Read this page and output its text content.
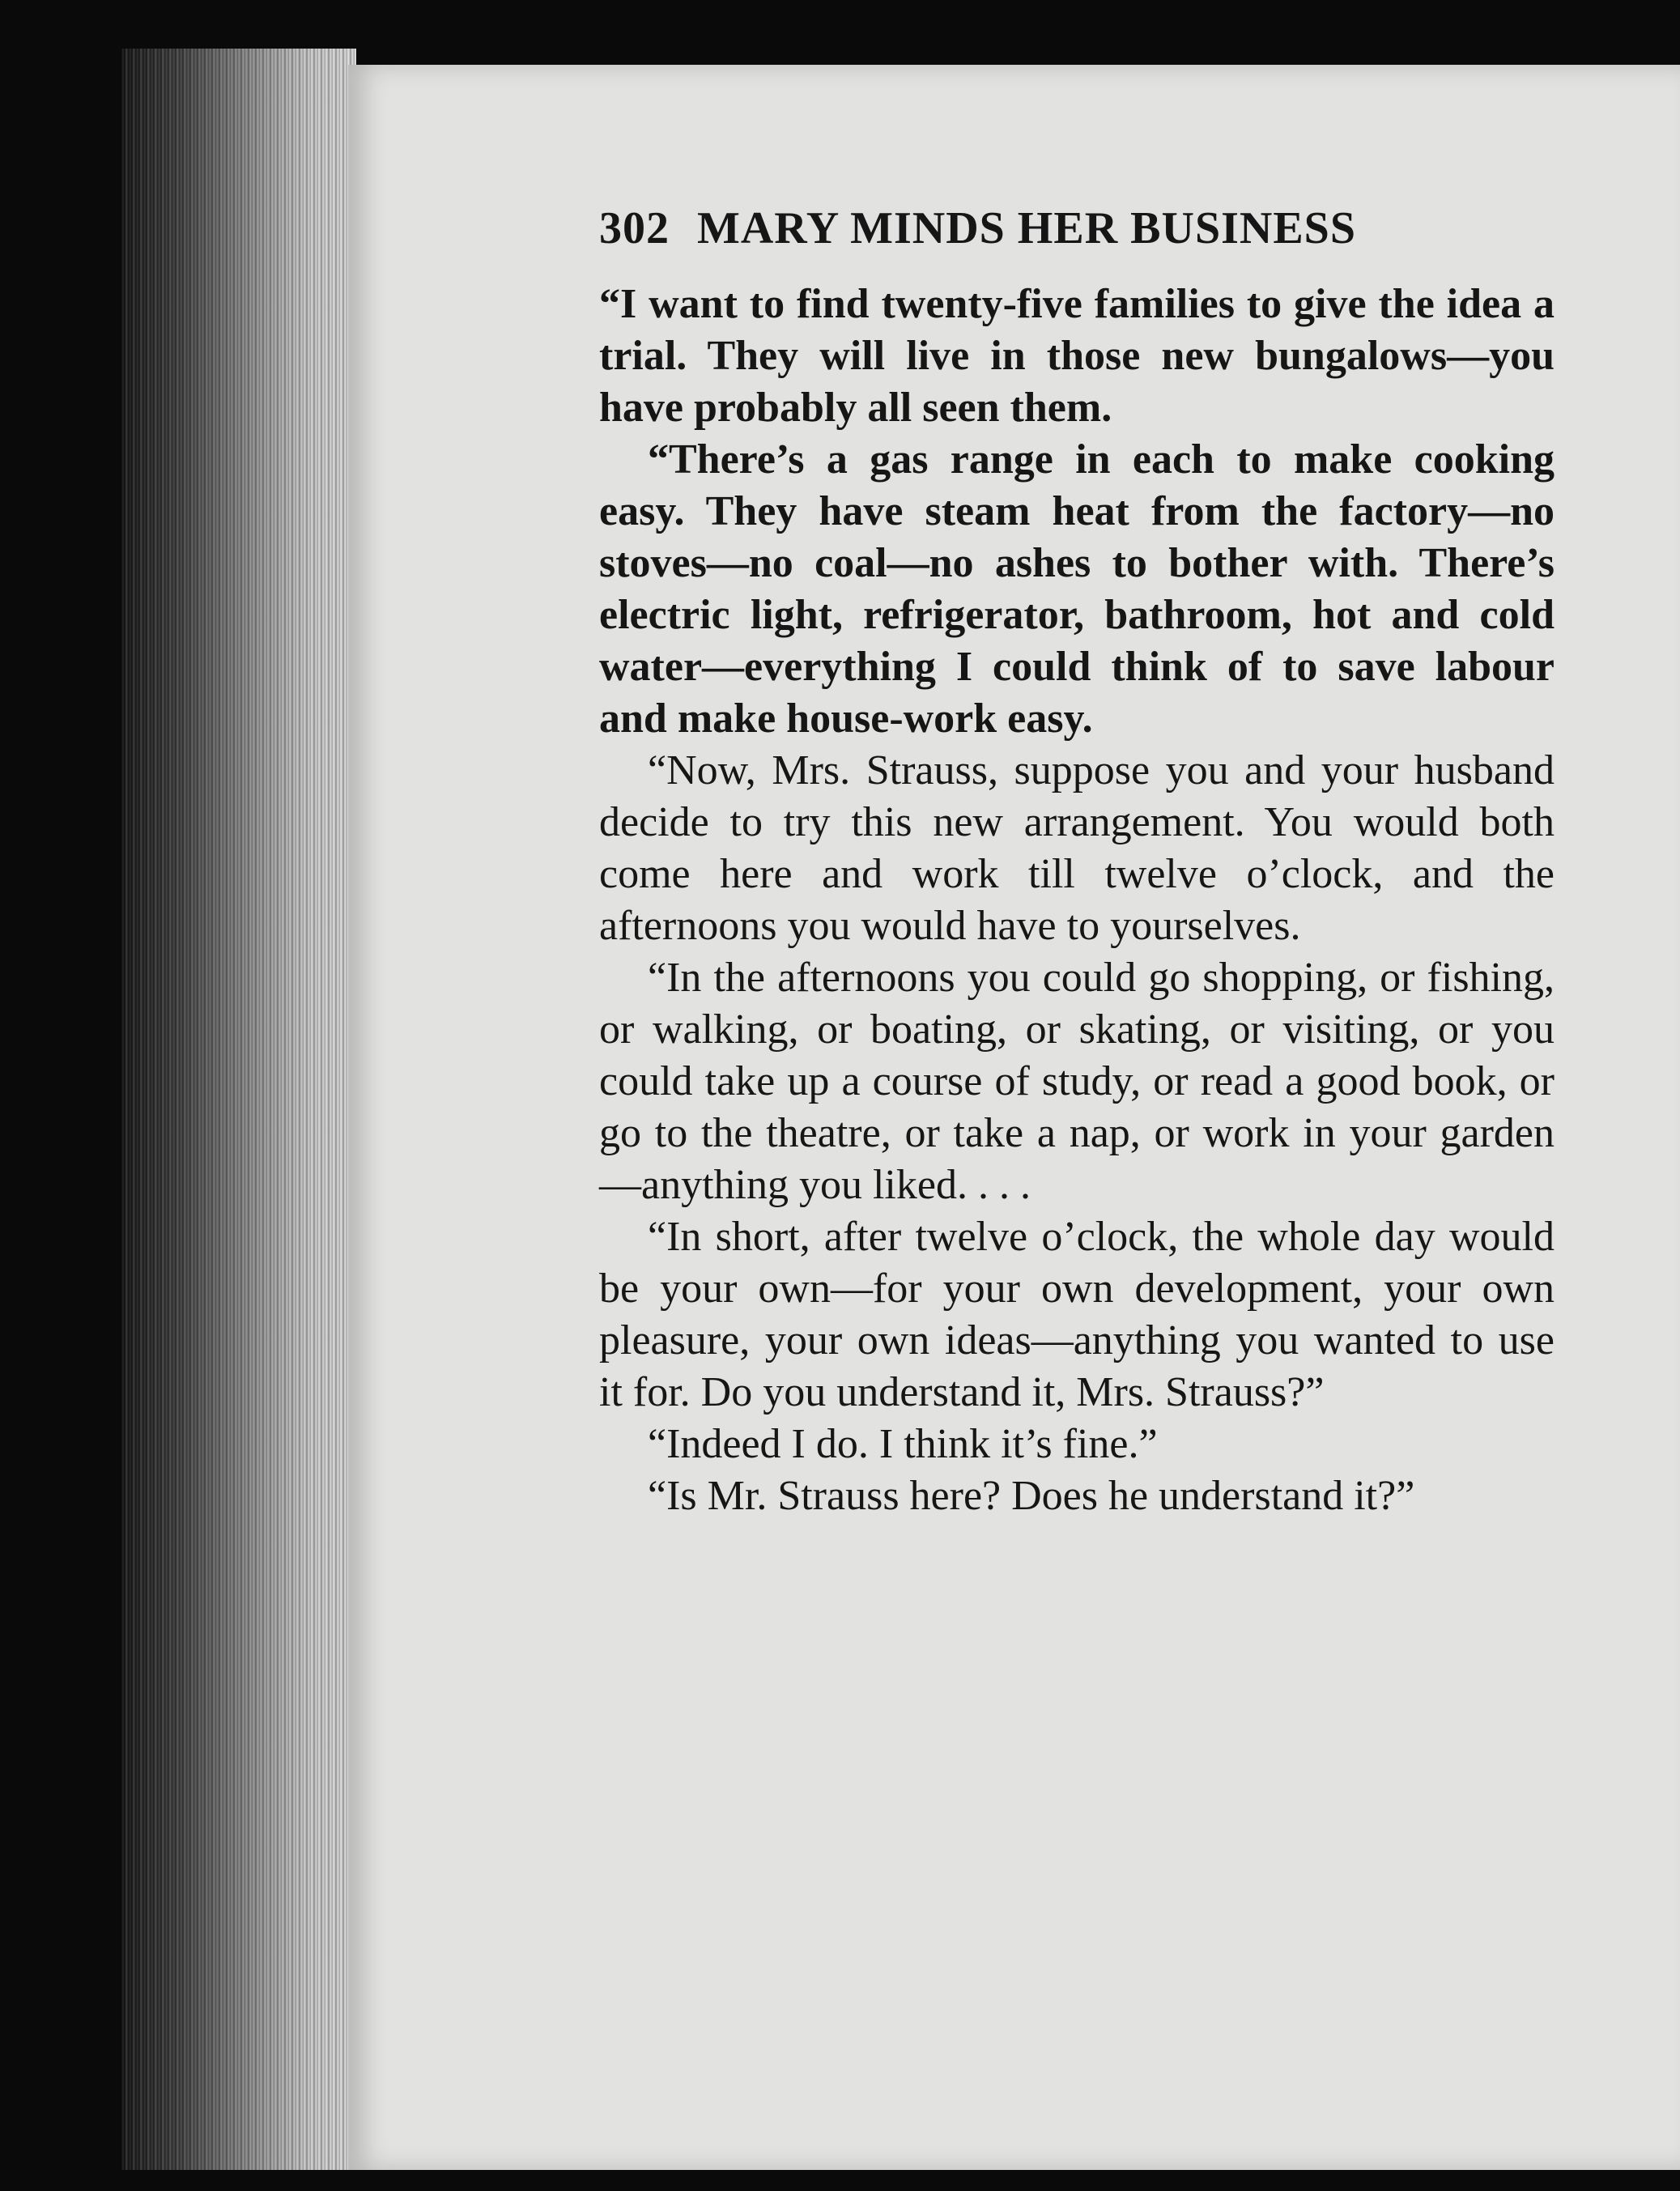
302 MARY MINDS HER BUSINESS

“I want to find twenty-five families to give the idea a trial. They will live in those new bungalows—you have probably all seen them.

“There’s a gas range in each to make cooking easy. They have steam heat from the factory—no stoves—no coal—no ashes to bother with. There’s electric light, refrigerator, bathroom, hot and cold water—everything I could think of to save labour and make house-work easy.

“Now, Mrs. Strauss, suppose you and your husband decide to try this new arrangement. You would both come here and work till twelve o’clock, and the afternoons you would have to yourselves.

“In the afternoons you could go shopping, or fishing, or walking, or boating, or skating, or visiting, or you could take up a course of study, or read a good book, or go to the theatre, or take a nap, or work in your garden—anything you liked. . . .

“In short, after twelve o’clock, the whole day would be your own—for your own development, your own pleasure, your own ideas—anything you wanted to use it for. Do you understand it, Mrs. Strauss?”

“Indeed I do. I think it’s fine.”

“Is Mr. Strauss here? Does he understand it?”
